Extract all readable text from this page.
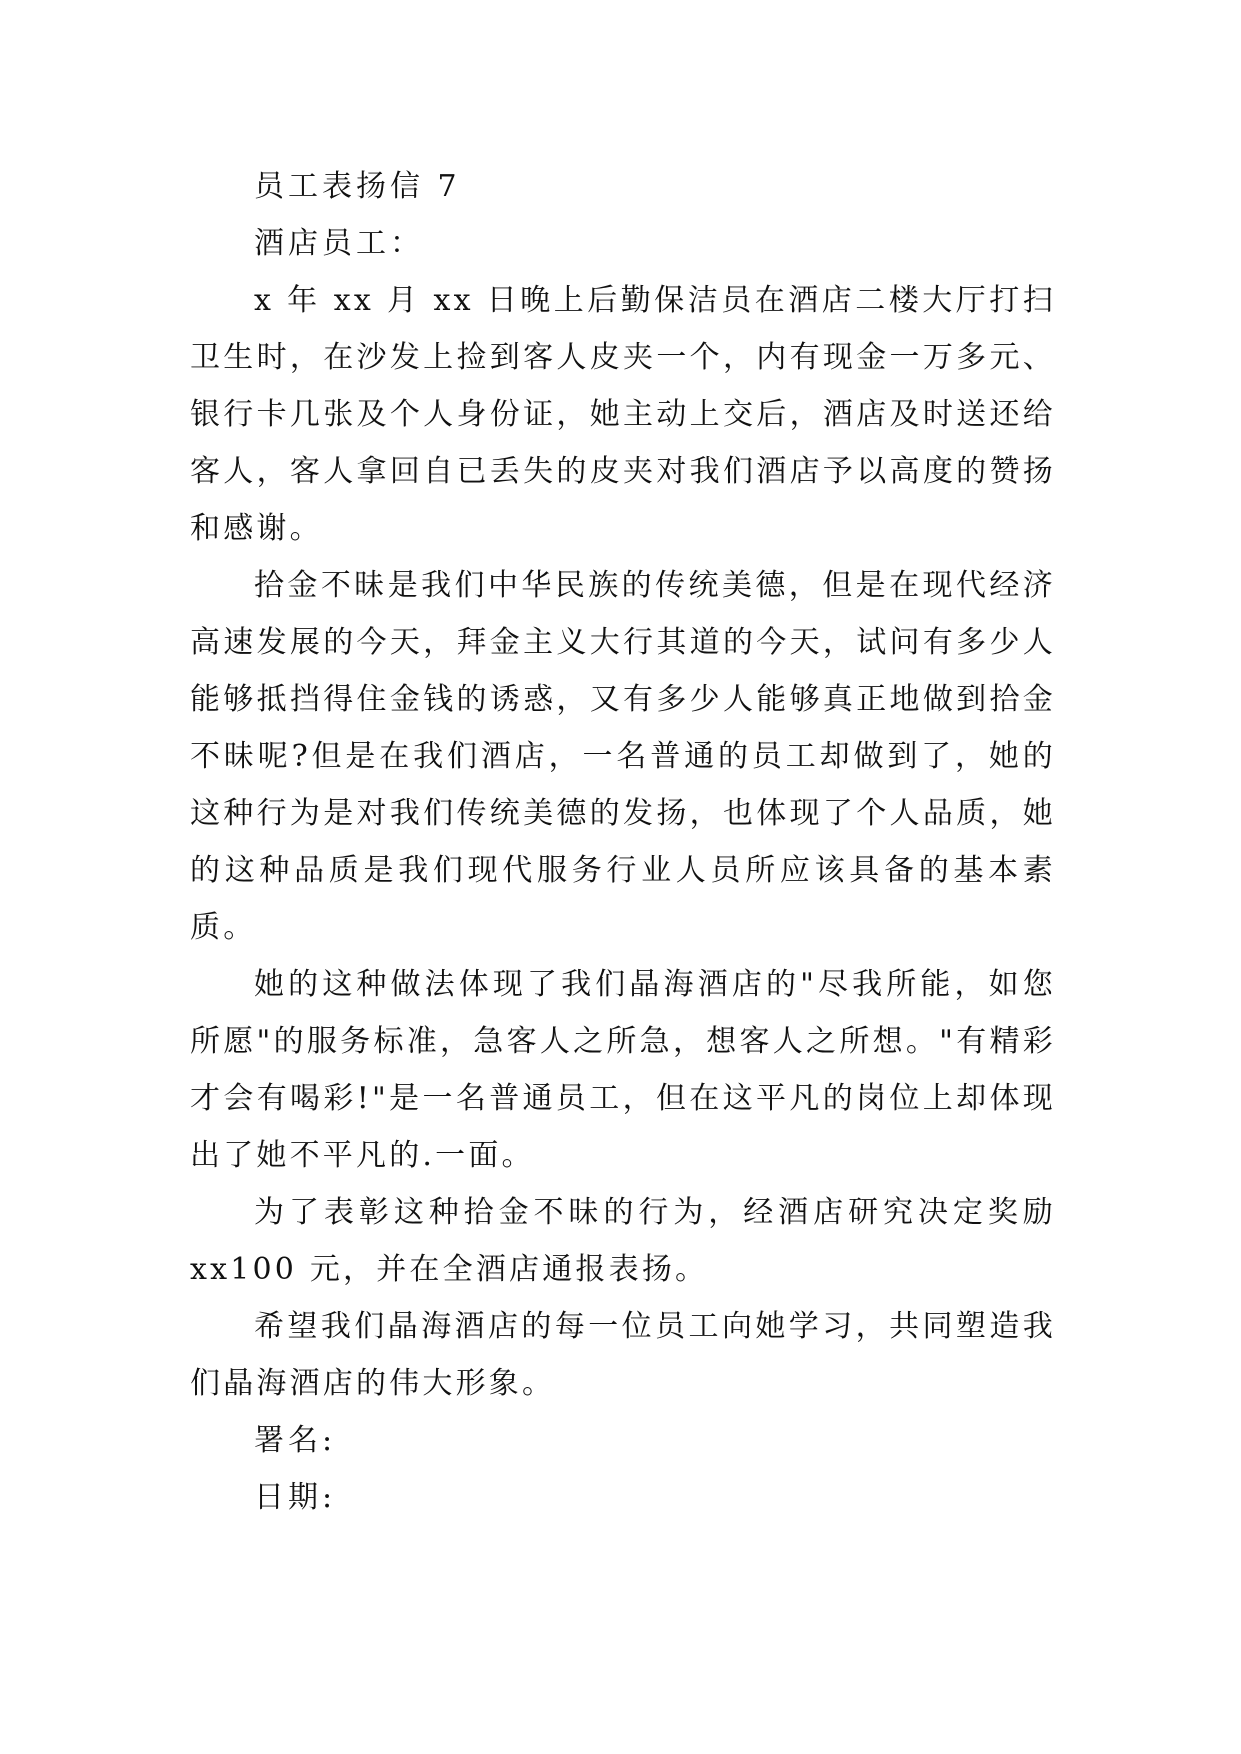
员工表扬信 7

酒店员工：

x 年 xx 月 xx 日晚上后勤保洁员在酒店二楼大厅打扫卫生时，在沙发上捡到客人皮夹一个，内有现金一万多元、银行卡几张及个人身份证，她主动上交后，酒店及时送还给客人，客人拿回自已丢失的皮夹对我们酒店予以高度的赞扬和感谢。

拾金不昧是我们中华民族的传统美德，但是在现代经济高速发展的今天，拜金主义大行其道的今天，试问有多少人能够抵挡得住金钱的诱惑，又有多少人能够真正地做到拾金不昧呢?但是在我们酒店，一名普通的员工却做到了，她的这种行为是对我们传统美德的发扬，也体现了个人品质，她的这种品质是我们现代服务行业人员所应该具备的基本素质。

她的这种做法体现了我们晶海酒店的"尽我所能，如您所愿"的服务标准，急客人之所急，想客人之所想。"有精彩才会有喝彩!"是一名普通员工，但在这平凡的岗位上却体现出了她不平凡的.一面。

为了表彰这种拾金不昧的行为，经酒店研究决定奖励xx100 元，并在全酒店通报表扬。

希望我们晶海酒店的每一位员工向她学习，共同塑造我们晶海酒店的伟大形象。

署名:

日期:
